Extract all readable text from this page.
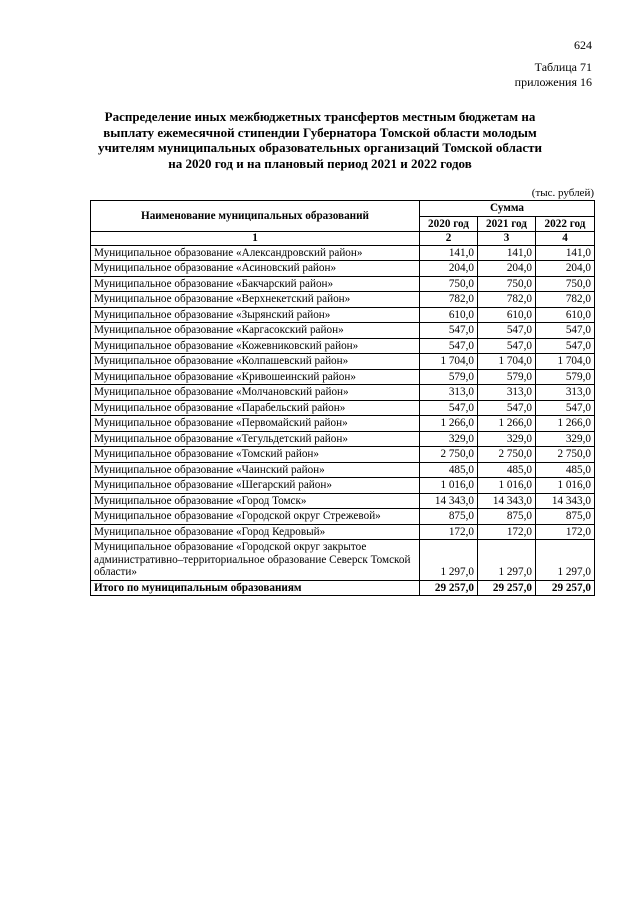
624
Таблица 71
приложения 16
Распределение иных межбюджетных трансфертов местным бюджетам на выплату ежемесячной стипендии Губернатора Томской области молодым учителям муниципальных образовательных организаций Томской области на 2020 год и на плановый период 2021 и 2022 годов
(тыс. рублей)
Наименование муниципальных образований	Сумма		
	2020 год	2021 год	2022 год
1	2	3	4
Муниципальное образование «Александровский район»	141,0	141,0	141,0
Муниципальное образование «Асиновский район»	204,0	204,0	204,0
Муниципальное образование «Бакчарский район»	750,0	750,0	750,0
Муниципальное образование «Верхнекетский район»	782,0	782,0	782,0
Муниципальное образование «Зырянский район»	610,0	610,0	610,0
Муниципальное образование «Каргасокский район»	547,0	547,0	547,0
Муниципальное образование «Кожевниковский район»	547,0	547,0	547,0
Муниципальное образование «Колпашевский район»	1 704,0	1 704,0	1 704,0
Муниципальное образование «Кривошеинский район»	579,0	579,0	579,0
Муниципальное образование «Молчановский район»	313,0	313,0	313,0
Муниципальное образование «Парабельский район»	547,0	547,0	547,0
Муниципальное образование «Первомайский район»	1 266,0	1 266,0	1 266,0
Муниципальное образование «Тегульдетский район»	329,0	329,0	329,0
Муниципальное образование «Томский район»	2 750,0	2 750,0	2 750,0
Муниципальное образование «Чаинский район»	485,0	485,0	485,0
Муниципальное образование «Шегарский район»	1 016,0	1 016,0	1 016,0
Муниципальное образование «Город Томск»	14 343,0	14 343,0	14 343,0
Муниципальное образование «Городской округ Стрежевой»	875,0	875,0	875,0
Муниципальное образование «Город Кедровый»	172,0	172,0	172,0
Муниципальное образование «Городской округ закрытое административно–территориальное образование Северск Томской области»	1 297,0	1 297,0	1 297,0
Итого по муниципальным образованиям	29 257,0	29 257,0	29 257,0
